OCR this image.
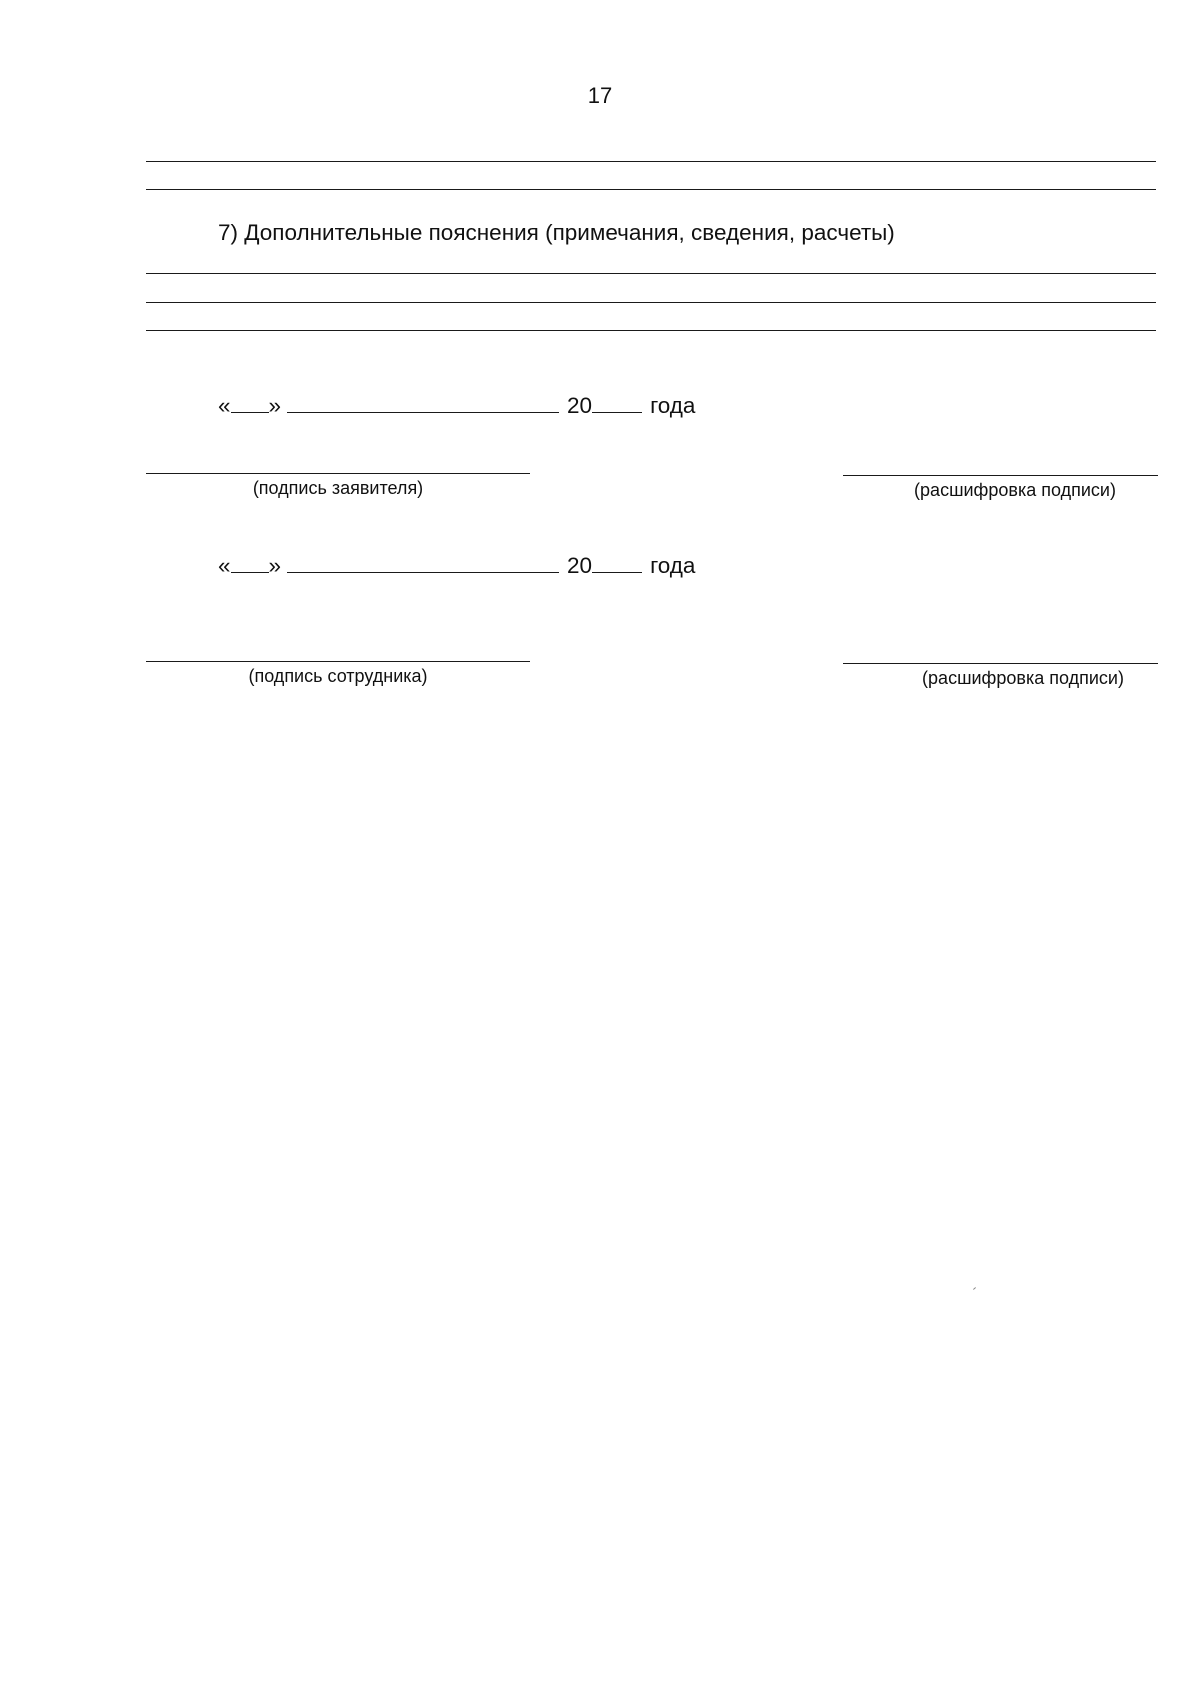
17
7) Дополнительные пояснения (примечания, сведения, расчеты)
« »	20	года
(подпись заявителя)	(расшифровка подписи)
« »	20	года
(подпись сотрудника)	(расшифровка подписи)
